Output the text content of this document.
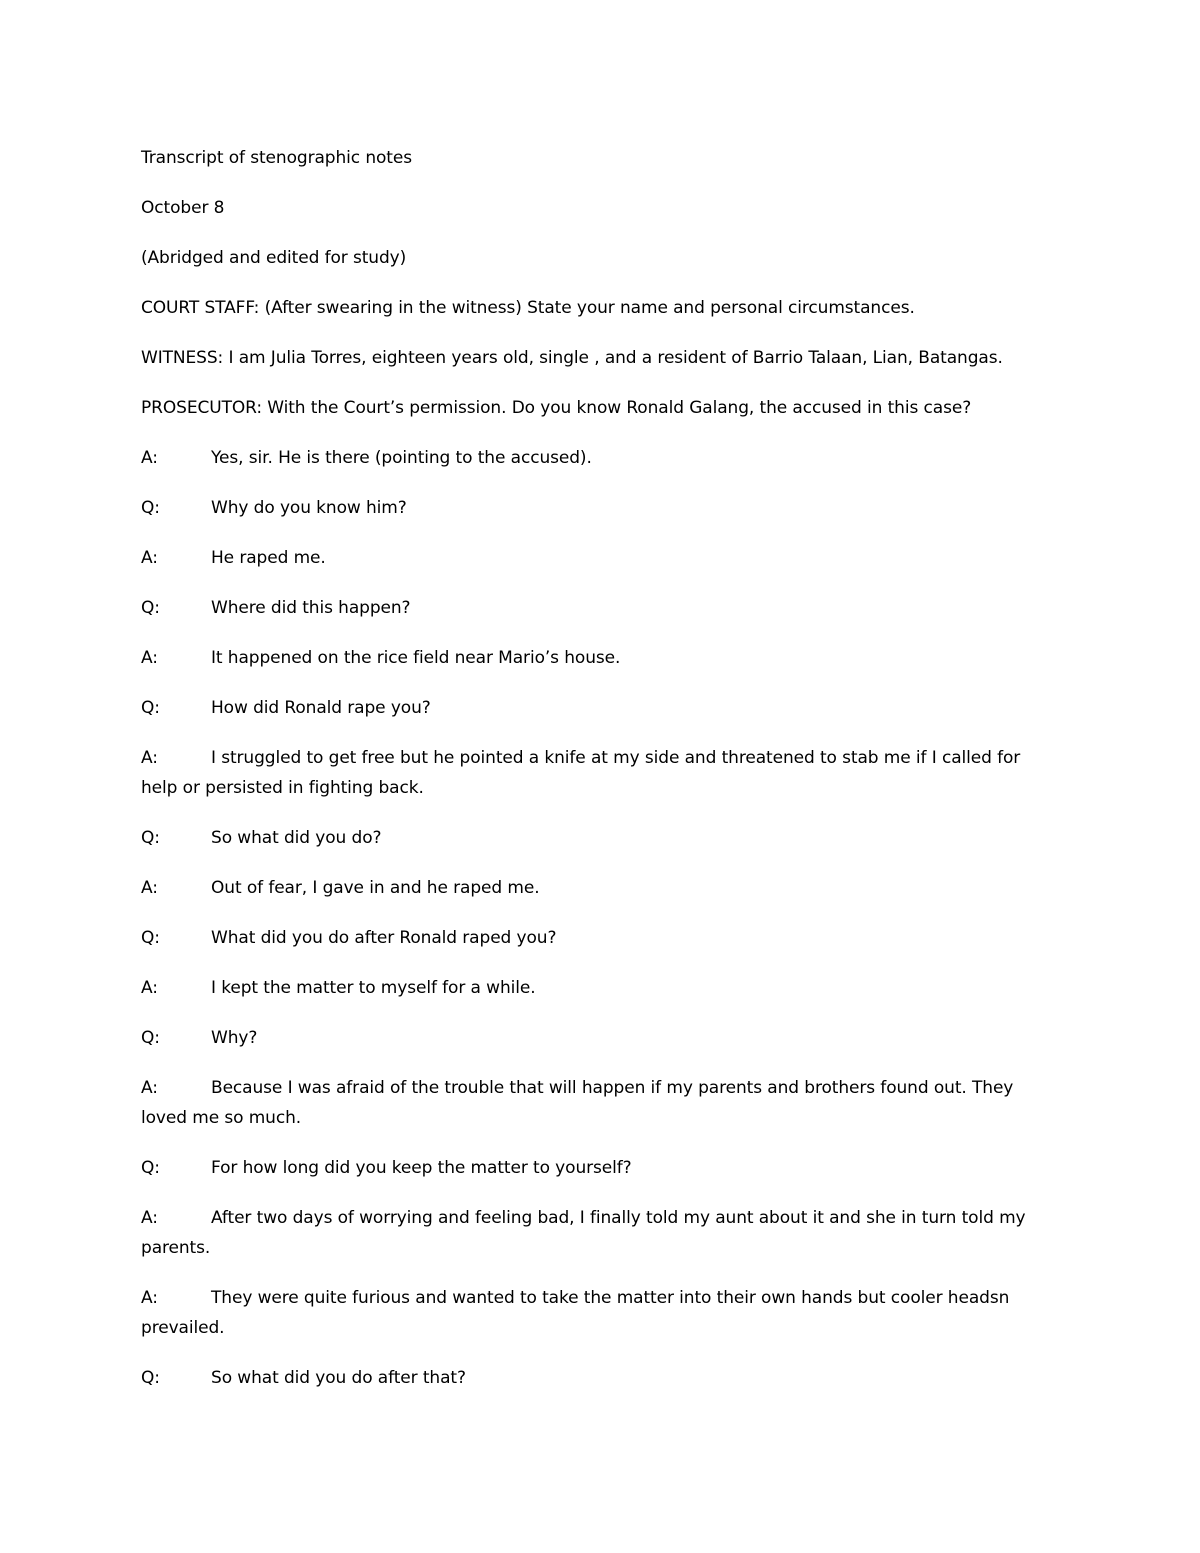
Transcript of stenographic notes

October 8

(Abridged and edited for study)

COURT STAFF: (After swearing in the witness) State your name and personal circumstances.

WITNESS: I am Julia Torres, eighteen years old, single , and a resident of Barrio Talaan, Lian, Batangas.

PROSECUTOR: With the Court’s permission. Do you know Ronald Galang, the accused in this case?

A:	Yes, sir. He is there (pointing to the accused).

Q:	Why do you know him?

A:	He raped me.

Q:	Where did this happen?

A:	It happened on the rice field near Mario’s house.

Q:	How did Ronald rape you?

A:	I struggled to get free but he pointed a knife at my side and threatened to stab me if I called for help or persisted in fighting back.

Q:	So what did you do?

A:	Out of fear, I gave in and he raped me.

Q:	What did you do after Ronald raped you?

A:	I kept the matter to myself for a while.

Q:	Why?

A:	Because I was afraid of the trouble that will happen if my parents and brothers found out. They loved me so much.

Q:	For how long did you keep the matter to yourself?

A:	After two days of worrying and feeling bad, I finally told my aunt about it and she in turn told my parents.

A:	They were quite furious and wanted to take the matter into their own hands but cooler headsn prevailed.

Q:	So what did you do after that?
